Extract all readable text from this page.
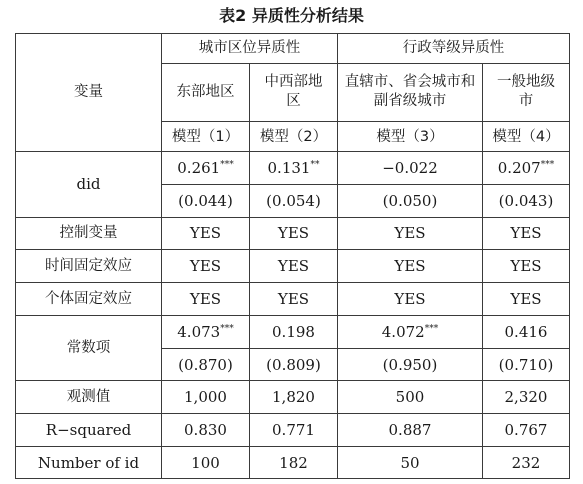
表2 异质性分析结果
变量	城市区位异质性		行政等级异质性	
	东部地区	中西部地区	直辖市、省会城市和副省级城市	一般地级市
	模型（1）	模型（2）	模型（3）	模型（4）
did	0.261***	0.131**	−0.022	0.207***
	(0.044)	(0.054)	(0.050)	(0.043)
控制变量	YES	YES	YES	YES
时间固定效应	YES	YES	YES	YES
个体固定效应	YES	YES	YES	YES
常数项	4.073***	0.198	4.072***	0.416
	(0.870)	(0.809)	(0.950)	(0.710)
观测值	1,000	1,820	500	2,320
R−squared	0.830	0.771	0.887	0.767
Number of id	100	182	50	232
